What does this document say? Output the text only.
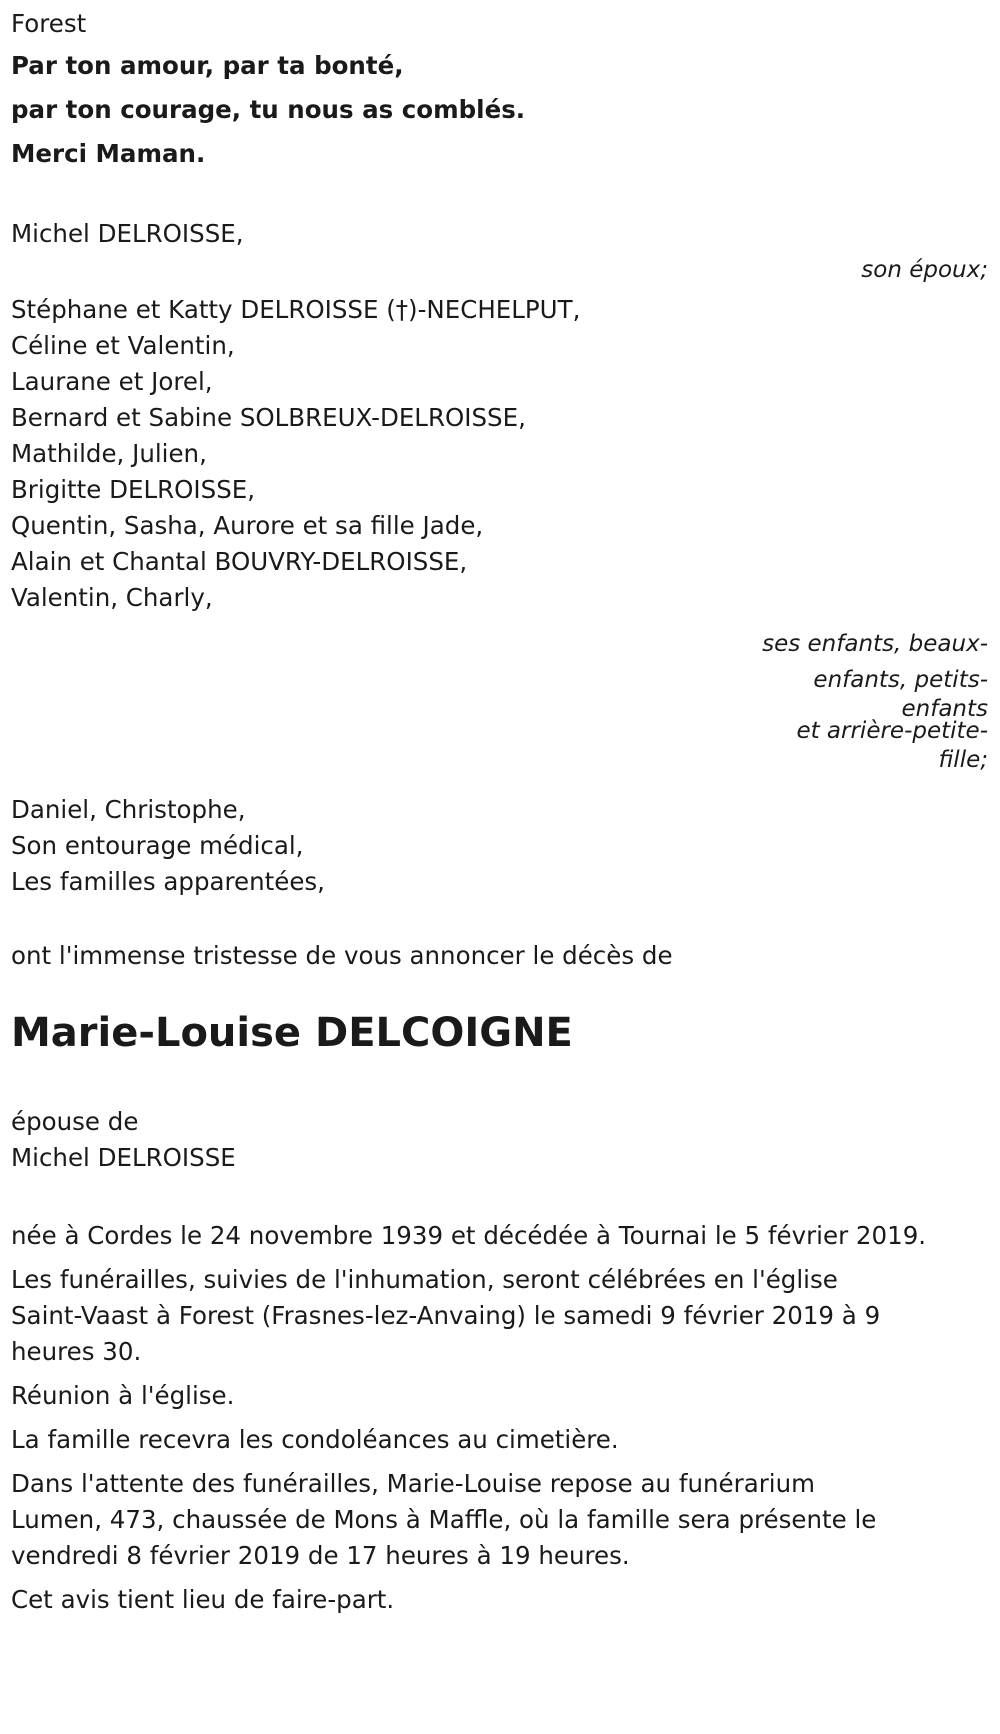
Forest
Par ton amour, par ta bonté,
par ton courage, tu nous as comblés.
Merci Maman.
Michel DELROISSE,
son époux;
Stéphane et Katty DELROISSE (†)-NECHELPUT,
Céline et Valentin,
Laurane et Jorel,
Bernard et Sabine SOLBREUX-DELROISSE,
Mathilde, Julien,
Brigitte DELROISSE,
Quentin, Sasha, Aurore et sa fille Jade,
Alain et Chantal BOUVRY-DELROISSE,
Valentin, Charly,
ses enfants, beaux-
enfants, petits-
enfants
et arrière-petite-
fille;
Daniel, Christophe,
Son entourage médical,
Les familles apparentées,
ont l'immense tristesse de vous annoncer le décès de
Marie-Louise DELCOIGNE
épouse de
Michel DELROISSE
née à Cordes le 24 novembre 1939 et décédée à Tournai le 5 février 2019.
Les funérailles, suivies de l'inhumation, seront célébrées en l'église
Saint-Vaast à Forest (Frasnes-lez-Anvaing) le samedi 9 février 2019 à 9
heures 30.
Réunion à l'église.
La famille recevra les condoléances au cimetière.
Dans l'attente des funérailles, Marie-Louise repose au funérarium
Lumen, 473, chaussée de Mons à Maffle, où la famille sera présente le
vendredi 8 février 2019 de 17 heures à 19 heures.
Cet avis tient lieu de faire-part.
